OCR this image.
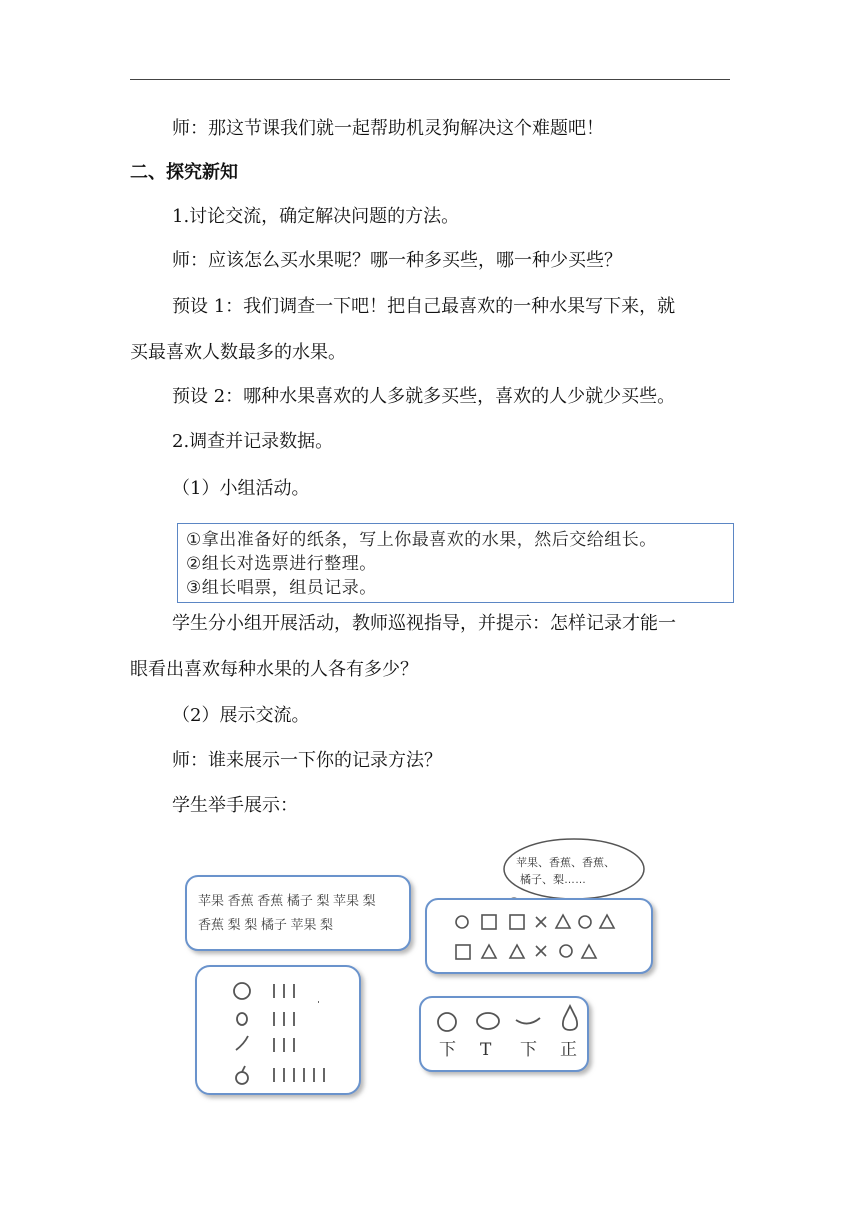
师：那这节课我们就一起帮助机灵狗解决这个难题吧！
二、探究新知
1.讨论交流，确定解决问题的方法。
师：应该怎么买水果呢？哪一种多买些，哪一种少买些？
预设 1：我们调查一下吧！把自己最喜欢的一种水果写下来，就
买最喜欢人数最多的水果。
预设 2：哪种水果喜欢的人多就多买些，喜欢的人少就少买些。
2.调查并记录数据。
（1）小组活动。
①拿出准备好的纸条，写上你最喜欢的水果，然后交给组长。
②组长对选票进行整理。
③组长唱票，组员记录。
学生分小组开展活动，教师巡视指导，并提示：怎样记录才能一
眼看出喜欢每种水果的人各有多少？
（2）展示交流。
师：谁来展示一下你的记录方法？
学生举手展示：
苹果 香蕉 香蕉 橘子 梨 苹果 梨
香蕉 梨 梨 橘子 苹果 梨
苹果、香蕉、香蕉、
橘子、梨……
下 T 下 正
